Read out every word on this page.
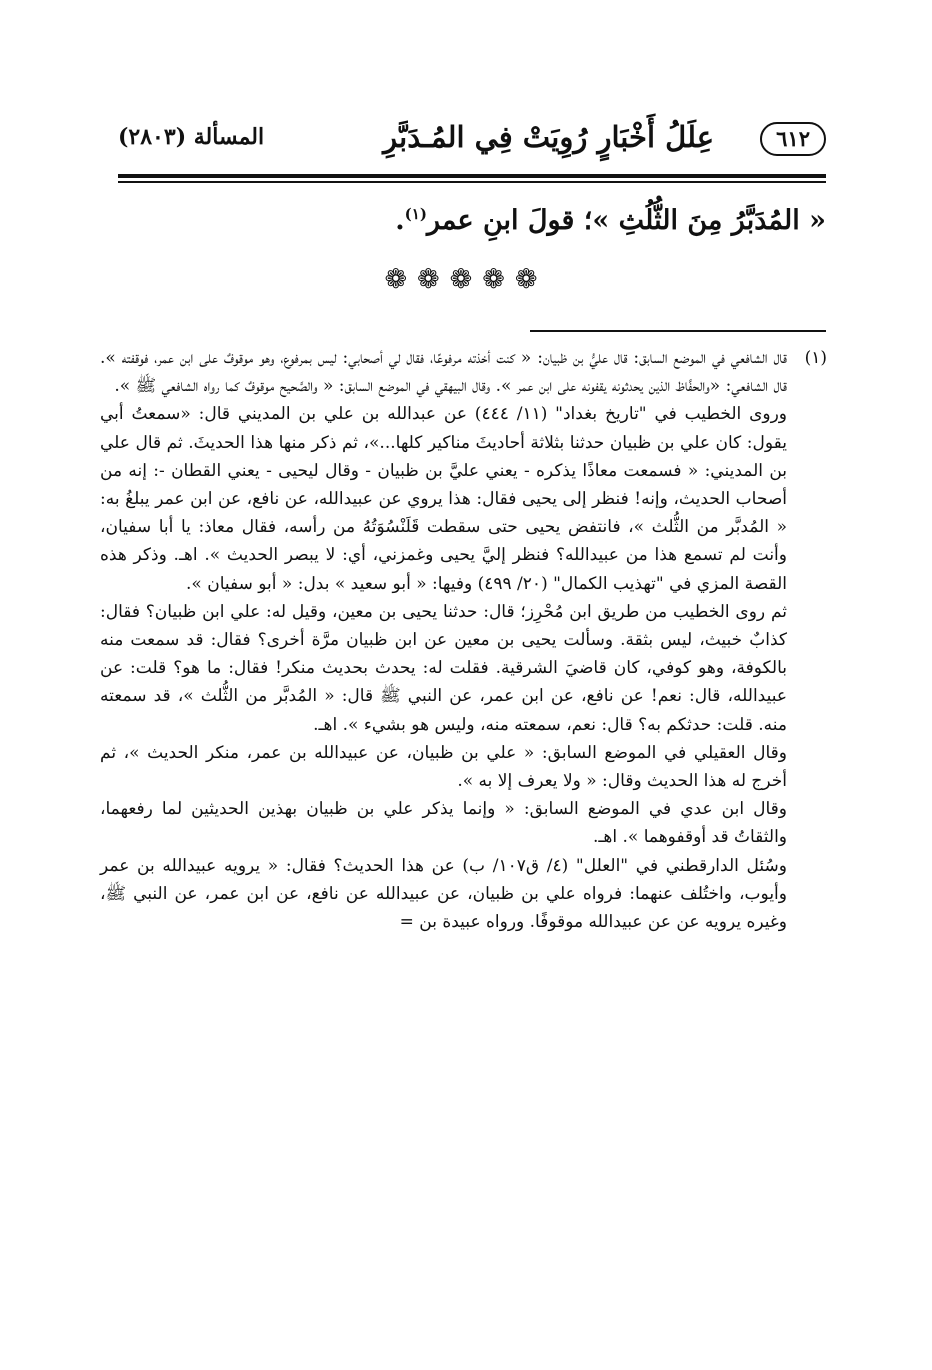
٦١٢
عِلَلُ أَخْبَارٍ رُوِيَتْ فِي المُـدَبَّرِ
المسألة (٢٨٠٣)
« المُدَبَّرُ مِنَ الثُّلُثِ »؛ قولَ ابنِ عمر$^{(١)}$.
❁❁❁❁❁
(١)

قال الشافعي في الموضع السابق: قال عليُّ بن ظبيان: « كنت أخذته مرفوعًا، فقال لي أصحابي: ليس بمرفوع، وهو موقوفٌ على ابن عمر، فوقفته ». قال الشافعي: «والحفَّاظ الذين يحدثونه يقفونه على ابن عمر ». وقال البيهقي في الموضع السابق: « والصَّحيح موقوفٌ كما رواه الشافعي ﷺ ».

وروى الخطيب في "تاريخ بغداد" (١١/ ٤٤٤) عن عبدالله بن علي بن المديني قال: «سمعتُ أبي يقول: كان علي بن ظبيان حدثنا بثلاثة أحاديثَ مناكير كلها...»، ثم ذكر منها هذا الحديثَ. ثم قال علي بن المديني: « فسمعت معاذًا يذكره - يعني عليَّ بن ظبيان - وقال ليحيى - يعني القطان -: إنه من أصحاب الحديث، وإنه! فنظر إلى يحيى فقال: هذا يروي عن عبيدالله، عن نافع، عن ابن عمر يبلغُ به: « المُدبَّر من الثُّلث »، فانتفض يحيى حتى سقطت قَلَنْسُوَتُهُ من رأسه، فقال معاذ: يا أبا سفيان، وأنت لم تسمع هذا من عبيدالله؟ فنظر إليَّ يحيى وغمزني، أي: لا يبصر الحديث ». اهـ. وذكر هذه القصة المزي في "تهذيب الكمال" (٢٠/ ٤٩٩) وفيها: « أبو سعيد » بدل: « أبو سفيان ».

ثم روى الخطيب من طريق ابن مُحْرِز؛ قال: حدثنا يحيى بن معين، وقيل له: علي ابن ظبيان؟ فقال: كذابٌ خبيث، ليس بثقة. وسألت يحيى بن معين عن ابن ظبيان مرَّة أخرى؟ فقال: قد سمعت منه بالكوفة، وهو كوفي، كان قاضيَ الشرقية. فقلت له: يحدث بحديث منكر! فقال: ما هو؟ قلت: عن عبيدالله، قال: نعم! عن نافع، عن ابن عمر، عن النبي ﷺ قال: « المُدبَّر من الثُّلث »، قد سمعته منه. قلت: حدثكم به؟ قال: نعم، سمعته منه، وليس هو بشيء ». اهـ.

وقال العقيلي في الموضع السابق: « علي بن ظبيان، عن عبيدالله بن عمر، منكر الحديث »، ثم أخرج له هذا الحديث وقال: « ولا يعرف إلا به ».

وقال ابن عدي في الموضع السابق: « وإنما يذكر علي بن ظبيان بهذين الحديثين لما رفعهما، والثقاتُ قد أوقفوهما ». اهـ.

وسُئل الدارقطني في "العلل" (٤/ ق١٠٧/ ب) عن هذا الحديث؟ فقال: « يرويه عبيدالله بن عمر وأيوب، واختُلف عنهما: فرواه علي بن ظبيان، عن عبيدالله عن نافع، عن ابن عمر، عن النبي ﷺ، وغيره يرويه عن عن عبيدالله موقوفًا. ورواه عبيدة بن =
